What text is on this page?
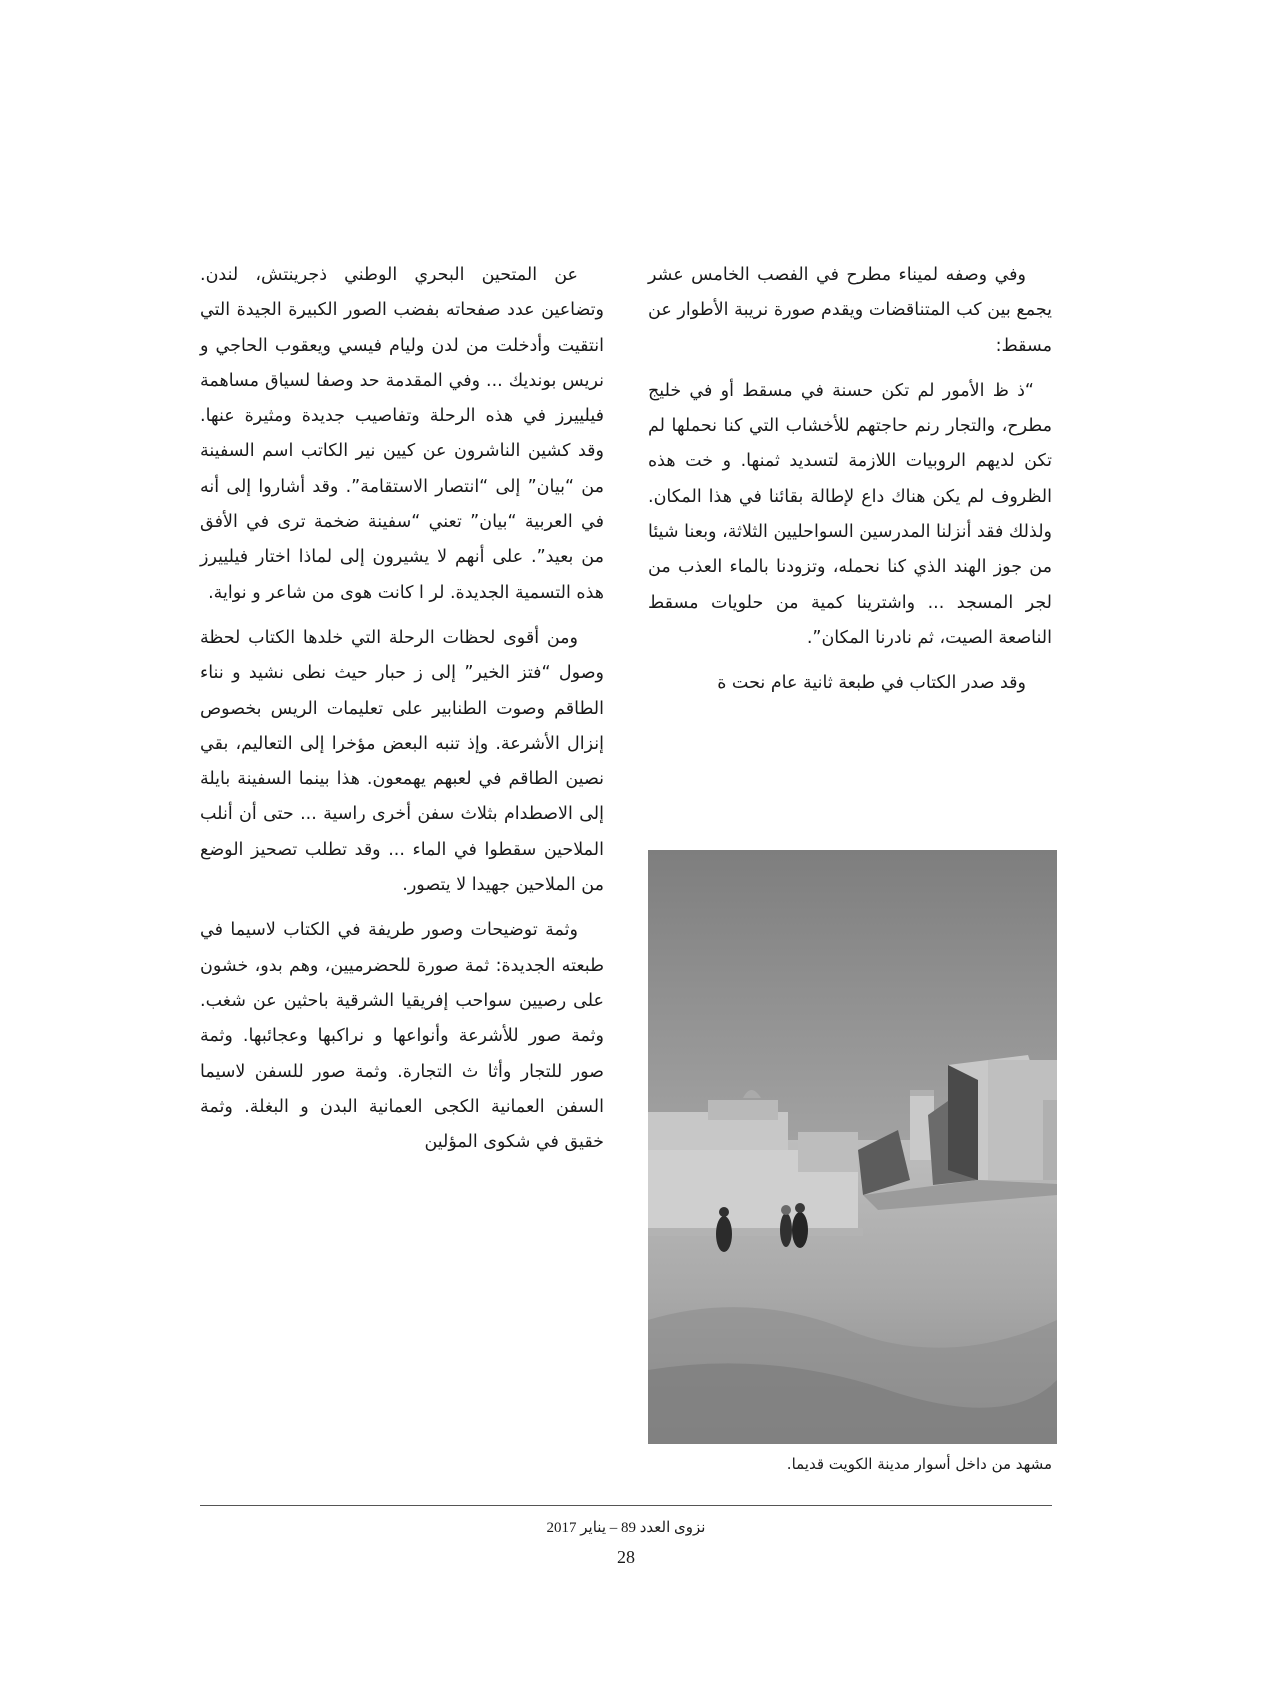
وفي وصفه لميناء مطرح في الفصب الخامس عشر يجمع بين كب المتناقضات ويقدم صورة نريبة الأطوار عن مسقط:

“ذ ظ الأمور لم تكن حسنة في مسقط أو في خليج مطرح، والتجار رنم حاجتهم للأخشاب التي كنا نحملها لم تكن لديهم الروبيات اللازمة لتسديد ثمنها. و خت هذه الظروف لم يكن هناك داع لإطالة بقائنا في هذا المكان. ولذلك فقد أنزلنا المدرسين السواحليين الثلاثة، وبعنا شيئا من جوز الهند الذي كنا نحمله، وتزودنا بالماء العذب من لجر المسجد ... واشترينا كمية من حلويات مسقط الناصعة الصيت، ثم نادرنا المكان”.

وقد صدر الكتاب في طبعة ثانية عام نحت ة

عن المتحين البحري الوطني ذجرينتش، لندن. وتضاعين عدد صفحاته بفضب الصور الكبيرة الجيدة التي انتقيت وأدخلت من لدن وليام فيسي ويعقوب الحاجي و نريس بونديك ... وفي المقدمة حد وصفا لسياق مساهمة فيلييرز في هذه الرحلة وتفاصيب جديدة ومثيرة عنها. وقد كشين الناشرون عن كيين نير الكاتب اسم السفينة من “بيان” إلى “انتصار الاستقامة”. وقد أشاروا إلى أنه في العربية “بيان” تعني “سفينة ضخمة ترى في الأفق من بعيد”. على أنهم لا يشيرون إلى لماذا اختار فيلييرز هذه التسمية الجديدة. لر ا كانت هوى من شاعر و نواية.

ومن أقوى لحظات الرحلة التي خلدها الكتاب لحظة وصول “فتز الخير” إلى ز حبار حيث نطى نشيد و نناء الطاقم وصوت الطنابير على تعليمات الريس بخصوص إنزال الأشرعة. وإذ تنبه البعض مؤخرا إلى التعاليم، بقي نصين الطاقم في لعبهم يهمعون. هذا بينما السفينة بايلة إلى الاصطدام بثلاث سفن أخرى راسية ... حتى أن أنلب الملاحين سقطوا في الماء ... وقد تطلب تصحيز الوضع من الملاحين جهيدا لا يتصور.

وثمة توضيحات وصور طريفة في الكتاب لاسيما في طبعته الجديدة: ثمة صورة للحضرميين، وهم بدو، خشون على رصيين سواحب إفريقيا الشرقية باحثين عن شغب. وثمة صور للأشرعة وأنواعها و نراكبها وعجائبها. وثمة صور للتجار وأثا ث التجارة. وثمة صور للسفن لاسيما السفن العمانية الكجى العمانية البدن و البغلة. وثمة خقيق في شكوى المؤلين

مشهد من داخل أسوار مدينة الكويت قديما.
نزوى العدد 89 – يناير 2017
28
